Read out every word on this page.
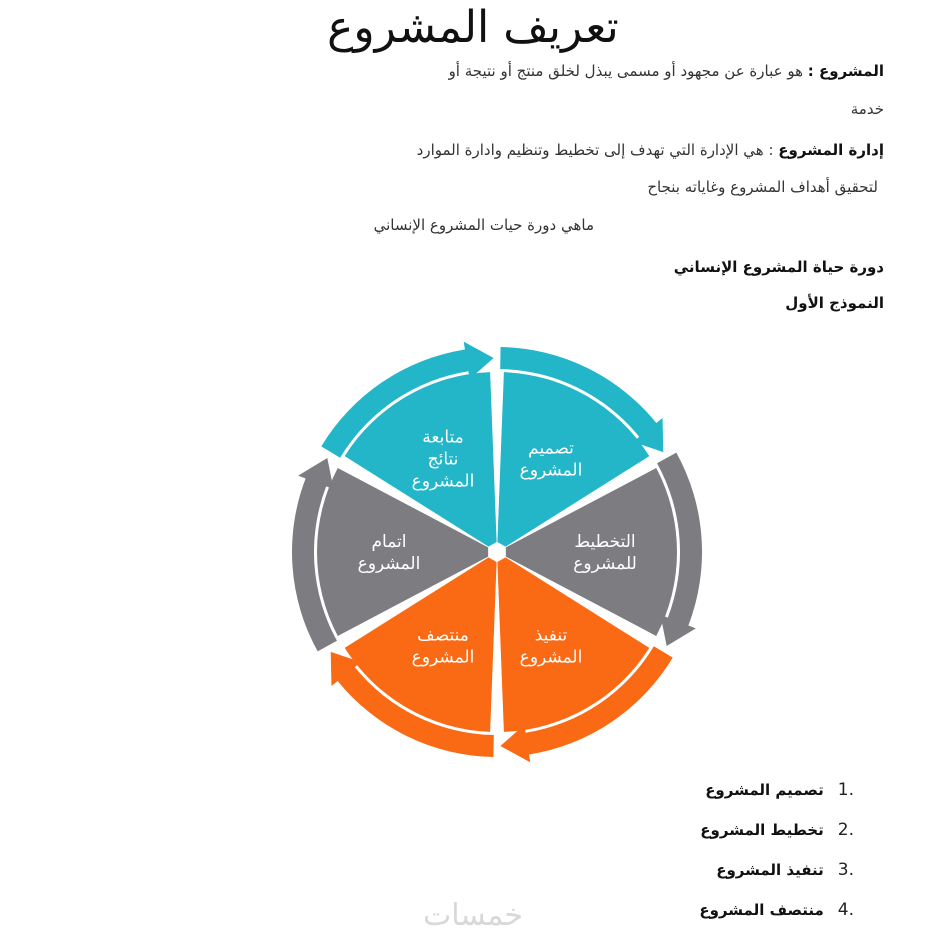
تعريف المشروع
المشروع : هو عبارة عن مجهود أو مسمى يبذل لخلق منتج أو نتيجة أو
خدمة
إدارة المشروع : هي الإدارة التي تهدف إلى تخطيط وتنظيم وادارة الموارد
لتحقيق أهداف المشروع وغاياته بنجاح
ماهي دورة حيات المشروع الإنساني
دورة حياة المشروع الإنساني
النموذج الأول
تصميم
المشروع
التخطيط
للمشروع
تنفيذ
المشروع
منتصف
المشروع
اتمام
المشروع
متابعة
نتائج
المشروع
.1تصميم المشروع
.2تخطيط المشروع
.3تنفيذ المشروع
.4منتصف المشروع
خمسات
